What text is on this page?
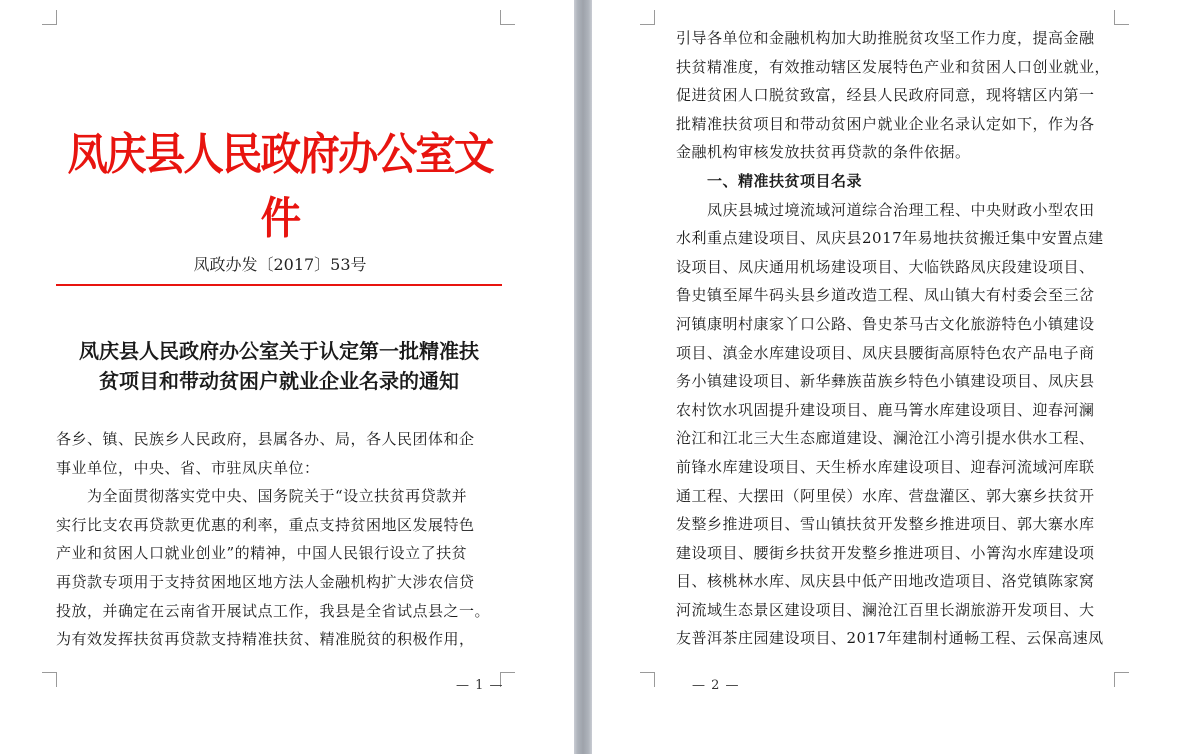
凤庆县人民政府办公室文件
凤政办发〔2017〕53号
凤庆县人民政府办公室关于认定第一批精准扶
贫项目和带动贫困户就业企业名录的通知

各乡、镇、民族乡人民政府，县属各办、局，各人民团体和企

事业单位，中央、省、市驻凤庆单位：

　　为全面贯彻落实党中央、国务院关于“设立扶贫再贷款并

实行比支农再贷款更优惠的利率，重点支持贫困地区发展特色

产业和贫困人口就业创业”的精神，中国人民银行设立了扶贫

再贷款专项用于支持贫困地区地方法人金融机构扩大涉农信贷

投放，并确定在云南省开展试点工作，我县是全省试点县之一。

为有效发挥扶贫再贷款支持精准扶贫、精准脱贫的积极作用，

— 1 —	— 2 —

引导各单位和金融机构加大助推脱贫攻坚工作力度，提高金融

扶贫精准度，有效推动辖区发展特色产业和贫困人口创业就业，

促进贫困人口脱贫致富，经县人民政府同意，现将辖区内第一

批精准扶贫项目和带动贫困户就业企业名录认定如下，作为各

金融机构审核发放扶贫再贷款的条件依据。

　　一、精准扶贫项目名录

　　凤庆县城过境流域河道综合治理工程、中央财政小型农田

水利重点建设项目、凤庆县2017年易地扶贫搬迁集中安置点建

设项目、凤庆通用机场建设项目、大临铁路凤庆段建设项目、

鲁史镇至犀牛码头县乡道改造工程、凤山镇大有村委会至三岔

河镇康明村康家丫口公路、鲁史茶马古文化旅游特色小镇建设

项目、滇金水库建设项目、凤庆县腰街高原特色农产品电子商

务小镇建设项目、新华彝族苗族乡特色小镇建设项目、凤庆县

农村饮水巩固提升建设项目、鹿马箐水库建设项目、迎春河澜

沧江和江北三大生态廊道建设、澜沧江小湾引提水供水工程、

前锋水库建设项目、天生桥水库建设项目、迎春河流域河库联

通工程、大摆田（阿里侯）水库、营盘灌区、郭大寨乡扶贫开

发整乡推进项目、雪山镇扶贫开发整乡推进项目、郭大寨水库

建设项目、腰街乡扶贫开发整乡推进项目、小箐沟水库建设项

目、核桃林水库、凤庆县中低产田地改造项目、洛党镇陈家窝

河流域生态景区建设项目、澜沧江百里长湖旅游开发项目、大

友普洱茶庄园建设项目、2017年建制村通畅工程、云保高速凤
